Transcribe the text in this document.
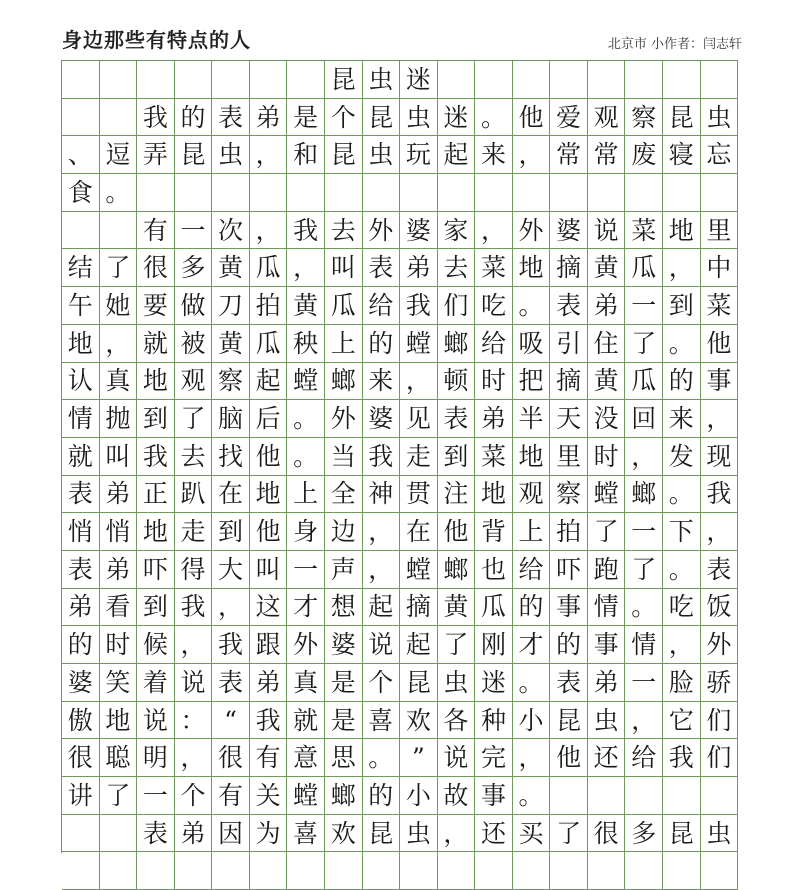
身边那些有特点的人	北京市 小作者：闫志轩
昆 虫 迷
我 的 表 弟 是 个 昆 虫 迷 。 他 爱 观 察 昆 虫
、 逗 弄 昆 虫 ， 和 昆 虫 玩 起 来 ， 常 常 废 寝 忘
食 。
有 一 次 ， 我 去 外 婆 家 ， 外 婆 说 菜 地 里
结 了 很 多 黄 瓜 ， 叫 表 弟 去 菜 地 摘 黄 瓜 ， 中
午 她 要 做 刀 拍 黄 瓜 给 我 们 吃 。 表 弟 一 到 菜
地 ， 就 被 黄 瓜 秧 上 的 螳 螂 给 吸 引 住 了 。 他
认 真 地 观 察 起 螳 螂 来 ， 顿 时 把 摘 黄 瓜 的 事
情 抛 到 了 脑 后 。 外 婆 见 表 弟 半 天 没 回 来 ，
就 叫 我 去 找 他 。 当 我 走 到 菜 地 里 时 ， 发 现
表 弟 正 趴 在 地 上 全 神 贯 注 地 观 察 螳 螂 。 我
悄 悄 地 走 到 他 身 边 ， 在 他 背 上 拍 了 一 下 ，
表 弟 吓 得 大 叫 一 声 ， 螳 螂 也 给 吓 跑 了 。 表
弟 看 到 我 ， 这 才 想 起 摘 黄 瓜 的 事 情 。 吃 饭
的 时 候 ， 我 跟 外 婆 说 起 了 刚 才 的 事 情 ， 外
婆 笑 着 说 表 弟 真 是 个 昆 虫 迷 。 表 弟 一 脸 骄
傲 地 说 ： “ 我 就 是 喜 欢 各 种 小 昆 虫 ， 它 们
很 聪 明 ， 很 有 意 思 。 ” 说 完 ， 他 还 给 我 们
讲 了 一 个 有 关 螳 螂 的 小 故 事 。
表 弟 因 为 喜 欢 昆 虫 ， 还 买 了 很 多 昆 虫
